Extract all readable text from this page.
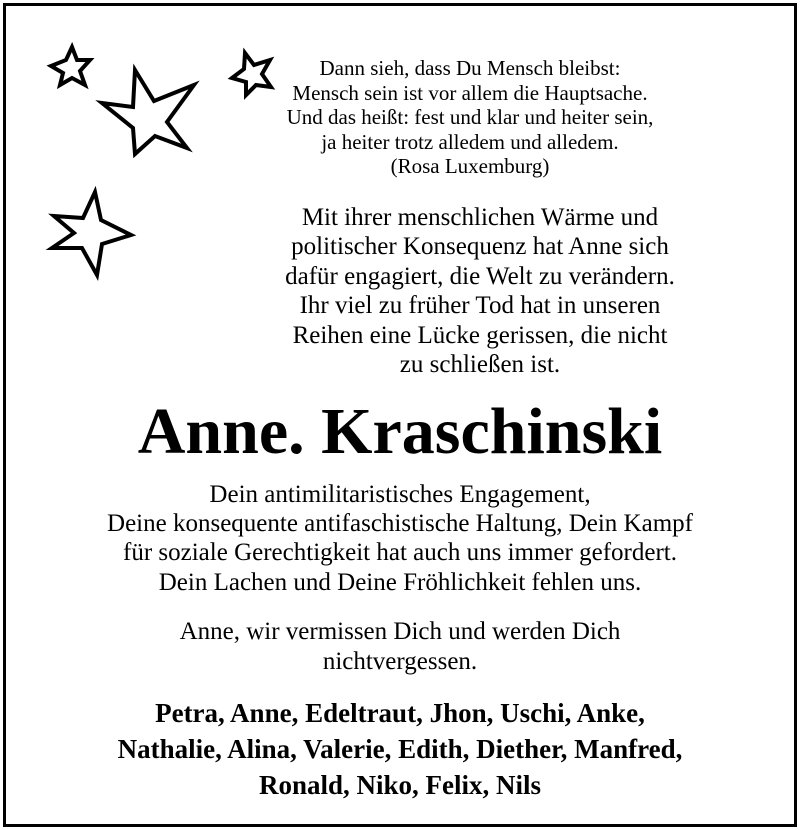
Dann sieh, dass Du Mensch bleibst:
Mensch sein ist vor allem die Hauptsache.
Und das heißt: fest und klar und heiter sein,
ja heiter trotz alledem und alledem.
(Rosa Luxemburg)
Mit ihrer menschlichen Wärme und
politischer Konsequenz hat Anne sich
dafür engagiert, die Welt zu verändern.
Ihr viel zu früher Tod hat in unseren
Reihen eine Lücke gerissen, die nicht
zu schließen ist.
Anne. Kraschinski
Dein antimilitaristisches Engagement,
Deine konsequente antifaschistische Haltung, Dein Kampf
für soziale Gerechtigkeit hat auch uns immer gefordert.
Dein Lachen und Deine Fröhlichkeit fehlen uns.
Anne, wir vermissen Dich und werden Dich
nichtvergessen.
Petra, Anne, Edeltraut, Jhon, Uschi, Anke,
Nathalie, Alina, Valerie, Edith, Diether, Manfred,
Ronald, Niko, Felix, Nils
